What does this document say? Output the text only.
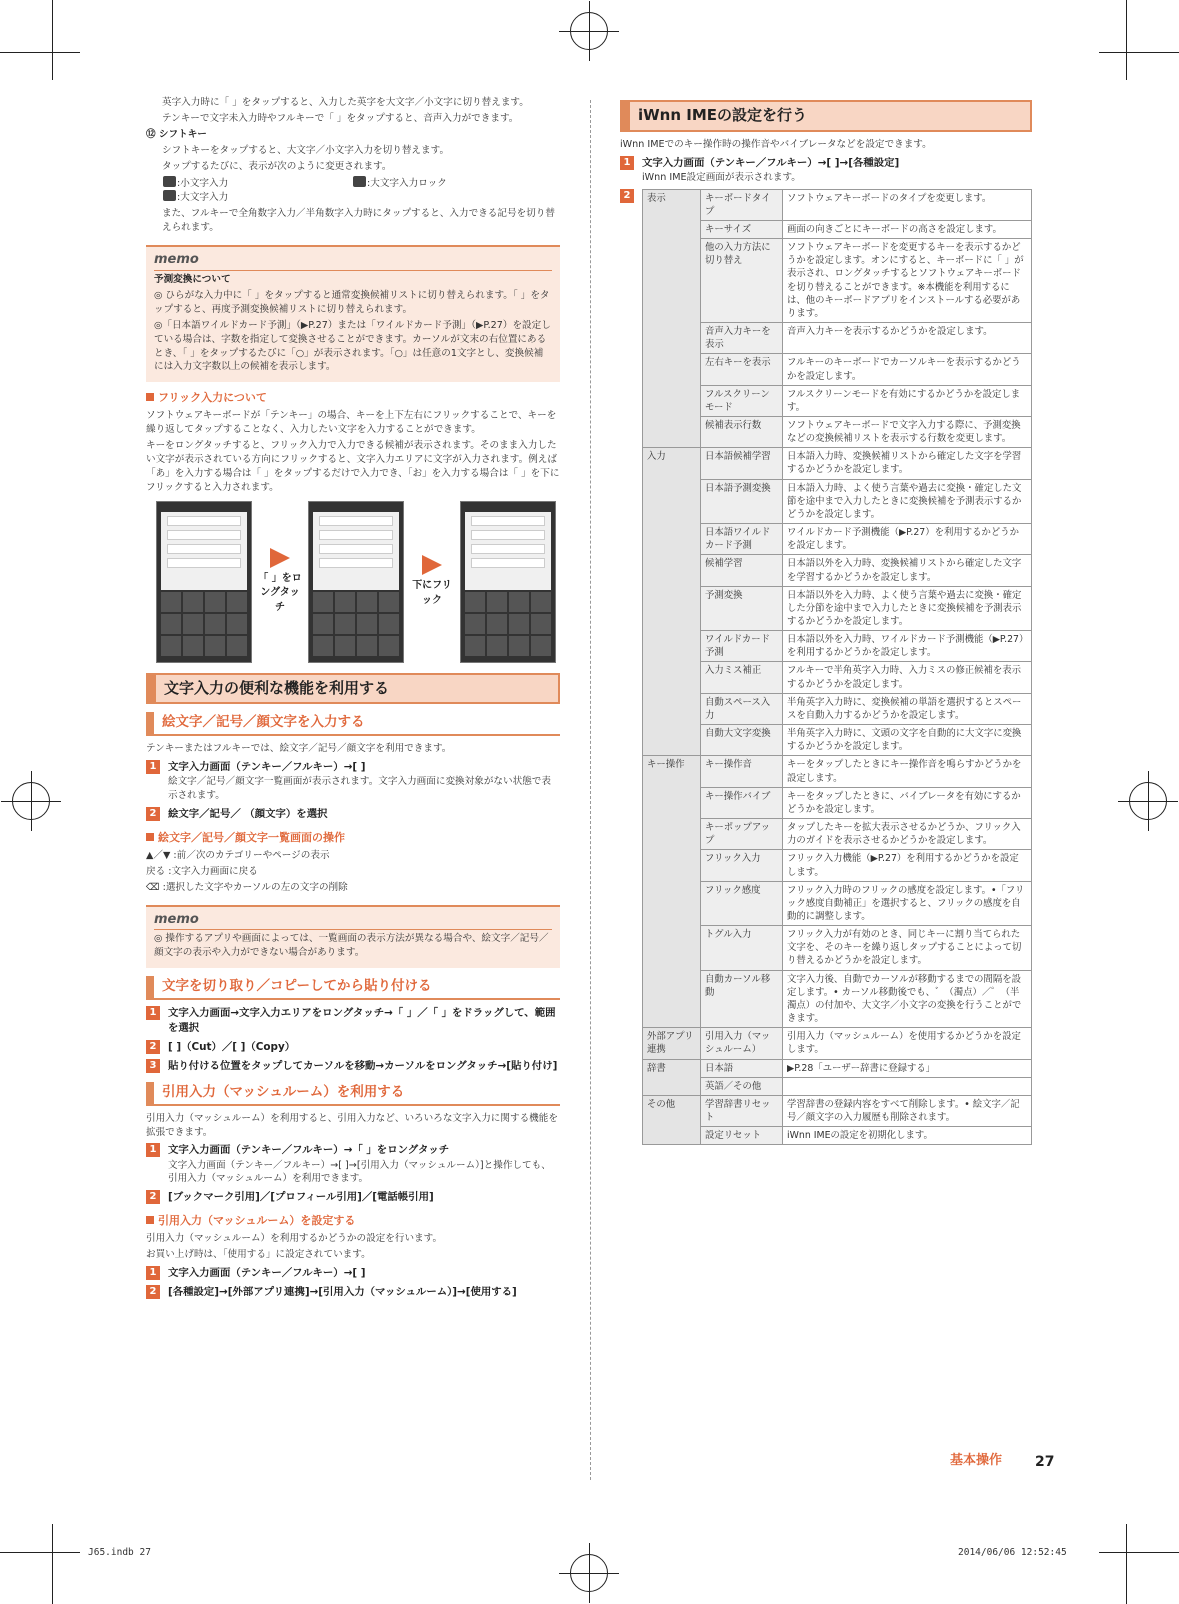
英字入力時に「 」をタップすると、入力した英字を大文字／小文字に切り替えます。

テンキーで文字未入力時やフルキーで「 」をタップすると、音声入力ができます。

⑫ シフトキー

シフトキーをタップすると、大文字／小文字入力を切り替えます。

タップするたびに、表示が次のように変更されます。

:小文字入力	:大文字入力ロック

:大文字入力

また、フルキーで全角数字入力／半角数字入力時にタップすると、入力できる記号を切り替えられます。

memo

予測変換について

◎ ひらがな入力中に「 」をタップすると通常変換候補リストに切り替えられます。「 」をタップすると、再度予測変換候補リストに切り替えられます。

◎「日本語ワイルドカード予測」（▶P.27）または「ワイルドカード予測」（▶P.27）を設定している場合は、字数を指定して変換させることができます。カーソルが文末の右位置にあるとき、「 」をタップするたびに「○」が表示されます。「○」は任意の1文字とし、変換候補には入力文字数以上の候補を表示します。

フリック入力について

ソフトウェアキーボードが「テンキー」の場合、キーを上下左右にフリックすることで、キーを繰り返してタップすることなく、入力したい文字を入力することができます。

キーをロングタッチすると、フリック入力で入力できる候補が表示されます。そのまま入力したい文字が表示されている方向にフリックすると、文字入力エリアに文字が入力されます。例えば「あ」を入力する場合は「 」をタップするだけで入力でき、「お」を入力する場合は「 」を下にフリックすると入力されます。

「 」をロングタッチ
下にフリック
文字入力の便利な機能を利用する
絵文字／記号／顔文字を入力する

テンキーまたはフルキーでは、絵文字／記号／顔文字を利用できます。

1	文字入力画面（テンキー／フルキー）→[ ]
絵文字／記号／顔文字一覧画面が表示されます。文字入力画面に変換対象がない状態で表示されます。
2	絵文字／記号／ （顔文字）を選択
絵文字／記号／顔文字一覧画面の操作

▲／▼ :前／次のカテゴリーやページの表示

戻る :文字入力画面に戻る

⌫ :選択した文字やカーソルの左の文字の削除

memo

◎ 操作するアプリや画面によっては、一覧画面の表示方法が異なる場合や、絵文字／記号／顔文字の表示や入力ができない場合があります。

文字を切り取り／コピーしてから貼り付ける
1	文字入力画面→文字入力エリアをロングタッチ→「 」／「 」をドラッグして、範囲を選択
2	[ ]（Cut）／[ ]（Copy）
3	貼り付ける位置をタップしてカーソルを移動→カーソルをロングタッチ→[貼り付け]
引用入力（マッシュルーム）を利用する

引用入力（マッシュルーム）を利用すると、引用入力など、いろいろな文字入力に関する機能を拡張できます。

1	文字入力画面（テンキー／フルキー）→「 」をロングタッチ
文字入力画面（テンキー／フルキー）→[ ]→[引用入力（マッシュルーム）]と操作しても、引用入力（マッシュルーム）を利用できます。
2	[ブックマーク引用]／[プロフィール引用]／[電話帳引用]
引用入力（マッシュルーム）を設定する

引用入力（マッシュルーム）を利用するかどうかの設定を行います。

お買い上げ時は、「使用する」に設定されています。

1	文字入力画面（テンキー／フルキー）→[ ]
2	[各種設定]→[外部アプリ連携]→[引用入力（マッシュルーム）]→[使用する]
iWnn IMEの設定を行う

iWnn IMEでのキー操作時の操作音やバイブレータなどを設定できます。

1	文字入力画面（テンキー／フルキー）→[ ]→[各種設定]
iWnn IME設定画面が表示されます。
2	表示	キーボードタイプ	ソフトウェアキーボードのタイプを変更します。
	キーサイズ	画面の向きごとにキーボードの高さを設定します。
	他の入力方法に切り替え	ソフトウェアキーボードを変更するキーを表示するかどうかを設定します。オンにすると、キーボードに「 」が表示され、ロングタッチするとソフトウェアキーボードを切り替えることができます。※本機能を利用するには、他のキーボードアプリをインストールする必要があります。
	音声入力キーを表示	音声入力キーを表示するかどうかを設定します。
	左右キーを表示	フルキーのキーボードでカーソルキーを表示するかどうかを設定します。
	フルスクリーンモード	フルスクリーンモードを有効にするかどうかを設定します。
	候補表示行数	ソフトウェアキーボードで文字入力する際に、予測変換などの変換候補リストを表示する行数を変更します。
入力	日本語候補学習	日本語入力時、変換候補リストから確定した文字を学習するかどうかを設定します。
	日本語予測変換	日本語入力時、よく使う言葉や過去に変換・確定した文節を途中まで入力したときに変換候補を予測表示するかどうかを設定します。
	日本語ワイルドカード予測	ワイルドカード予測機能（▶P.27）を利用するかどうかを設定します。
	候補学習	日本語以外を入力時、変換候補リストから確定した文字を学習するかどうかを設定します。
	予測変換	日本語以外を入力時、よく使う言葉や過去に変換・確定した分節を途中まで入力したときに変換候補を予測表示するかどうかを設定します。
	ワイルドカード予測	日本語以外を入力時、ワイルドカード予測機能（▶P.27）を利用するかどうかを設定します。
	入力ミス補正	フルキーで半角英字入力時、入力ミスの修正候補を表示するかどうかを設定します。
	自動スペース入力	半角英字入力時に、変換候補の単語を選択するとスペースを自動入力するかどうかを設定します。
	自動大文字変換	半角英字入力時に、文頭の文字を自動的に大文字に変換するかどうかを設定します。
キー操作	キー操作音	キーをタップしたときにキー操作音を鳴らすかどうかを設定します。
	キー操作バイブ	キーをタップしたときに、バイブレータを有効にするかどうかを設定します。
	キーポップアップ	タップしたキーを拡大表示させるかどうか、フリック入力のガイドを表示させるかどうかを設定します。
	フリック入力	フリック入力機能（▶P.27）を利用するかどうかを設定します。
	フリック感度	フリック入力時のフリックの感度を設定します。•「フリック感度自動補正」を選択すると、フリックの感度を自動的に調整します。
	トグル入力	フリック入力が有効のとき、同じキーに割り当てられた文字を、そのキーを繰り返しタップすることによって切り替えるかどうかを設定します。
	自動カーソル移動	文字入力後、自動でカーソルが移動するまでの間隔を設定します。• カーソル移動後でも、゛（濁点）／゜（半濁点）の付加や、大文字／小文字の変換を行うことができます。
外部アプリ連携	引用入力（マッシュルーム）	引用入力（マッシュルーム）を使用するかどうかを設定します。
辞書	日本語	▶P.28「ユーザー辞書に登録する」
	英語／その他	
その他	学習辞書リセット	学習辞書の登録内容をすべて削除します。• 絵文字／記号／顔文字の入力履歴も削除されます。
	設定リセット	iWnn IMEの設定を初期化します。
基本操作 27
J65.indb 27	2014/06/06 12:52:45
